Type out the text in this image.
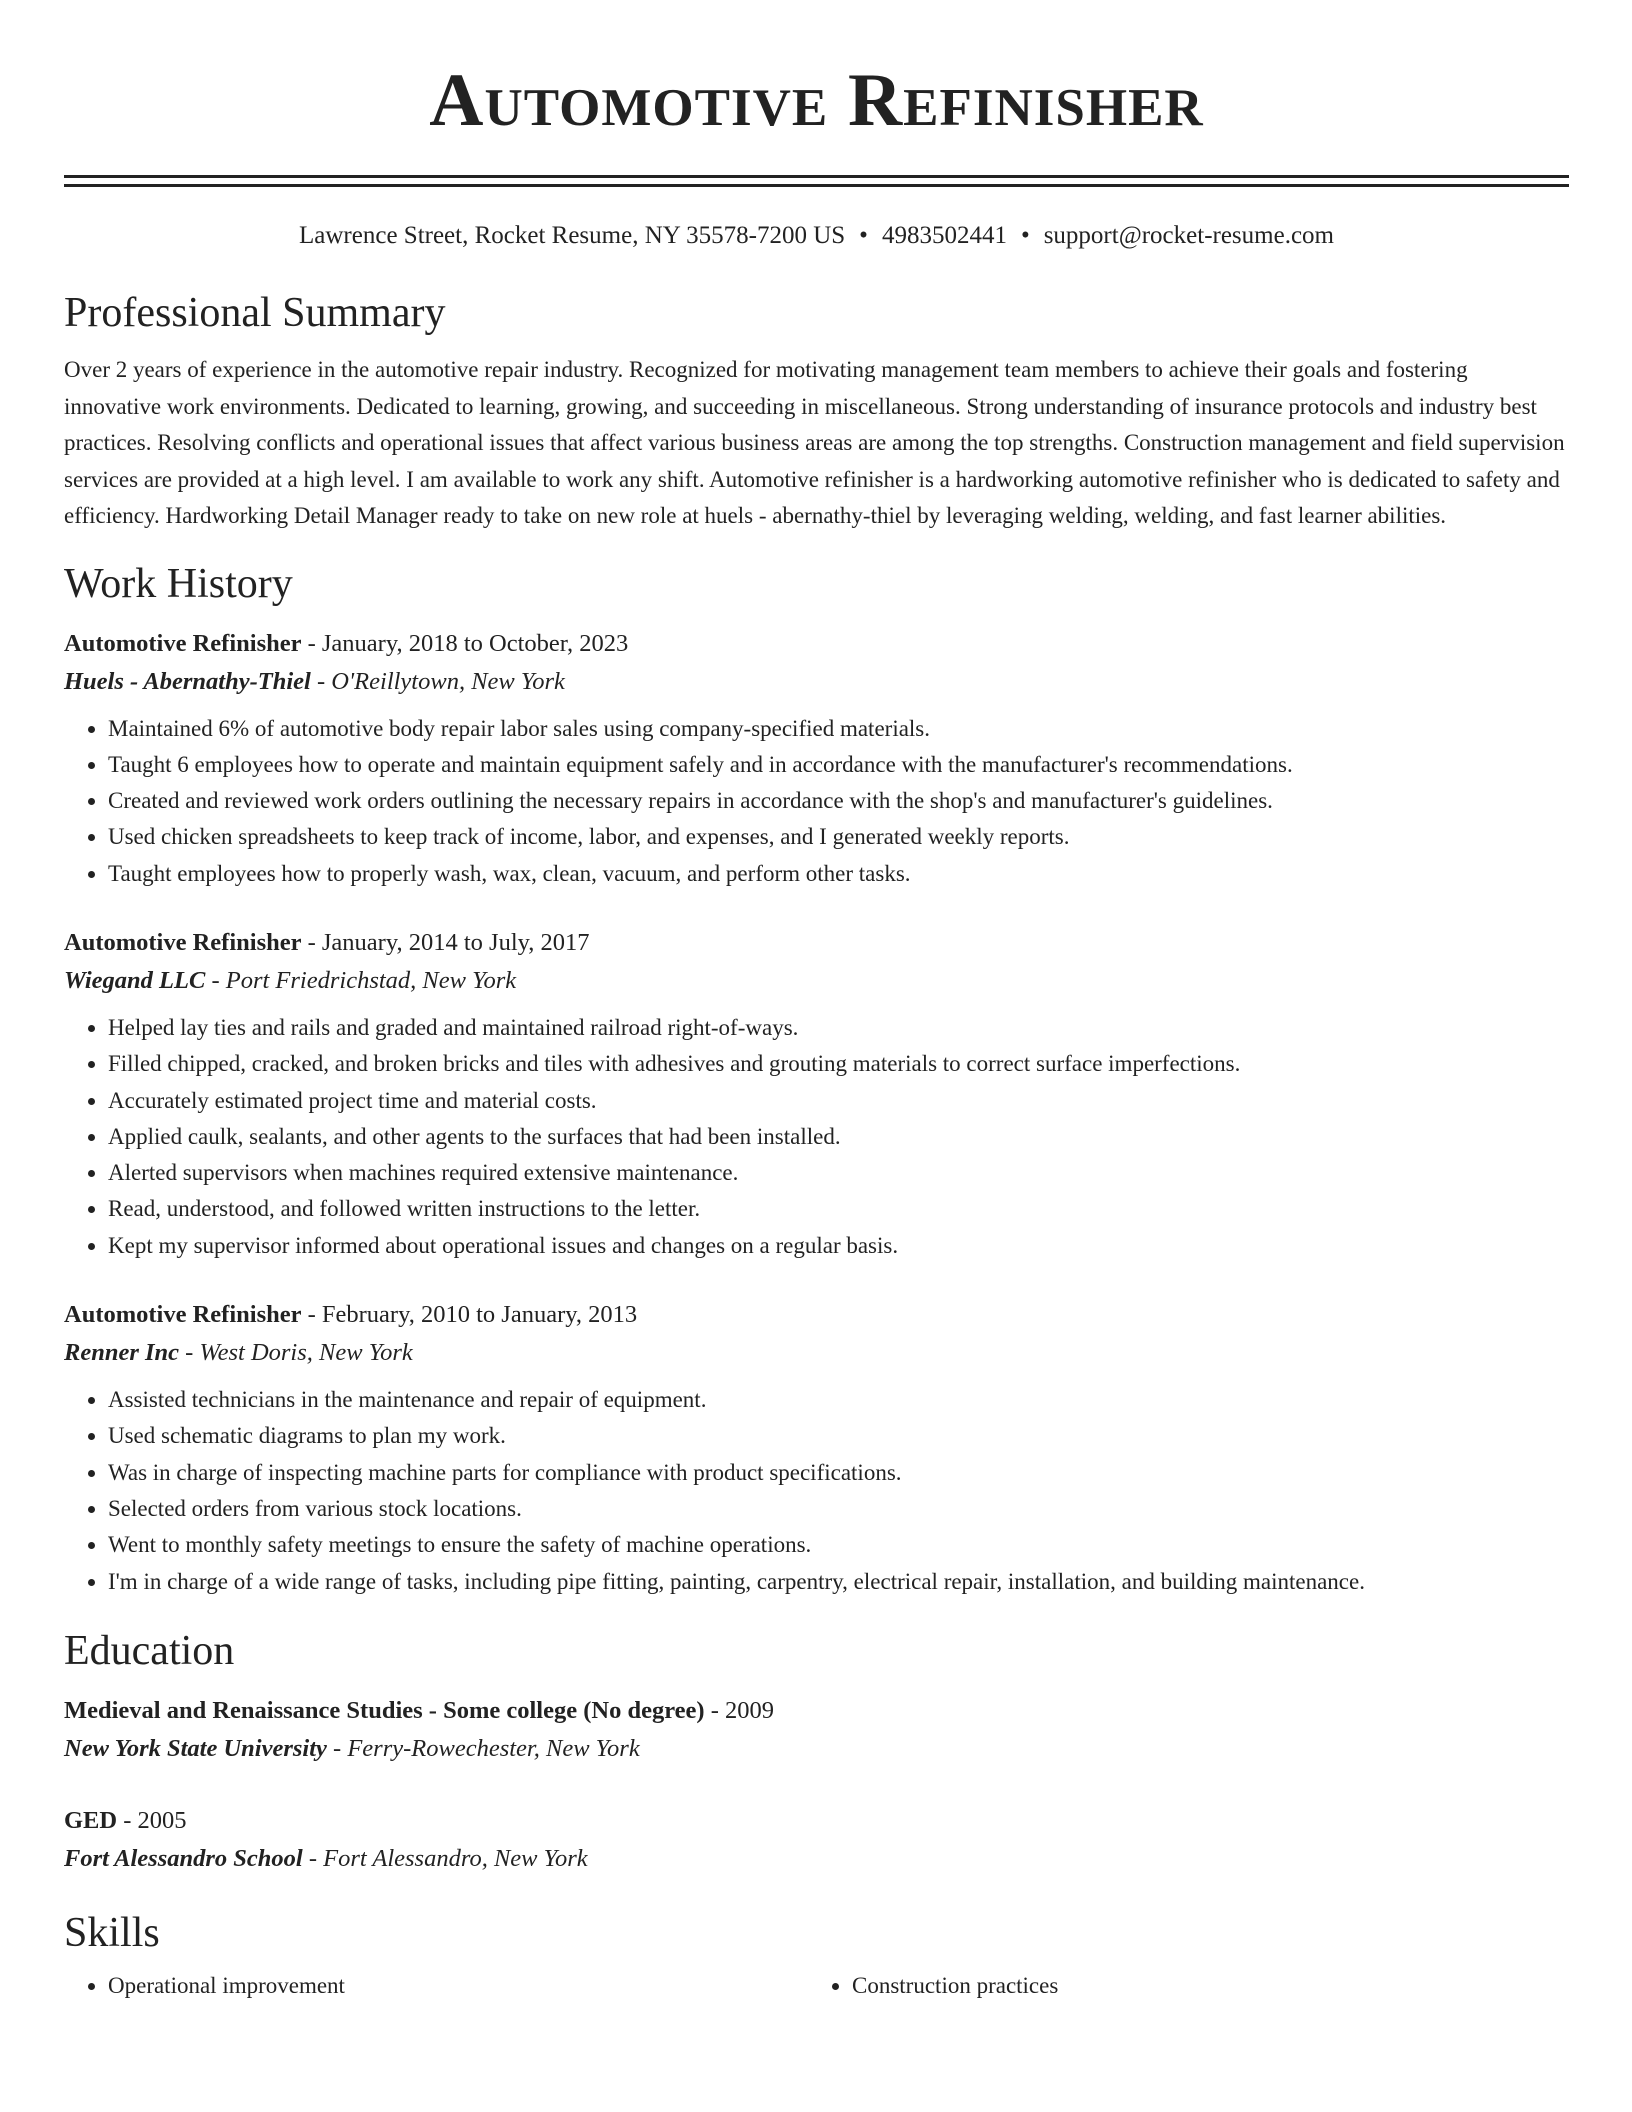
Automotive Refinisher
Lawrence Street, Rocket Resume, NY 35578-7200 US • 4983502441 • support@rocket-resume.com
Professional Summary

Over 2 years of experience in the automotive repair industry. Recognized for motivating management team members to achieve their goals and fostering innovative work environments. Dedicated to learning, growing, and succeeding in miscellaneous. Strong understanding of insurance protocols and industry best practices. Resolving conflicts and operational issues that affect various business areas are among the top strengths. Construction management and field supervision services are provided at a high level. I am available to work any shift. Automotive refinisher is a hardworking automotive refinisher who is dedicated to safety and efficiency. Hardworking Detail Manager ready to take on new role at huels - abernathy-thiel by leveraging welding, welding, and fast learner abilities.

Work History
Automotive Refinisher - January, 2018 to October, 2023
Huels - Abernathy-Thiel - O'Reillytown, New York
• Maintained 6% of automotive body repair labor sales using company-specified materials.
• Taught 6 employees how to operate and maintain equipment safely and in accordance with the manufacturer's recommendations.
• Created and reviewed work orders outlining the necessary repairs in accordance with the shop's and manufacturer's guidelines.
• Used chicken spreadsheets to keep track of income, labor, and expenses, and I generated weekly reports.
• Taught employees how to properly wash, wax, clean, vacuum, and perform other tasks.
Automotive Refinisher - January, 2014 to July, 2017
Wiegand LLC - Port Friedrichstad, New York
• Helped lay ties and rails and graded and maintained railroad right-of-ways.
• Filled chipped, cracked, and broken bricks and tiles with adhesives and grouting materials to correct surface imperfections.
• Accurately estimated project time and material costs.
• Applied caulk, sealants, and other agents to the surfaces that had been installed.
• Alerted supervisors when machines required extensive maintenance.
• Read, understood, and followed written instructions to the letter.
• Kept my supervisor informed about operational issues and changes on a regular basis.
Automotive Refinisher - February, 2010 to January, 2013
Renner Inc - West Doris, New York
• Assisted technicians in the maintenance and repair of equipment.
• Used schematic diagrams to plan my work.
• Was in charge of inspecting machine parts for compliance with product specifications.
• Selected orders from various stock locations.
• Went to monthly safety meetings to ensure the safety of machine operations.
• I'm in charge of a wide range of tasks, including pipe fitting, painting, carpentry, electrical repair, installation, and building maintenance.
Education
Medieval and Renaissance Studies - Some college (No degree) - 2009
New York State University - Ferry-Rowechester, New York
GED - 2005
Fort Alessandro School - Fort Alessandro, New York
Skills
• Operational improvement
•	Construction practices
